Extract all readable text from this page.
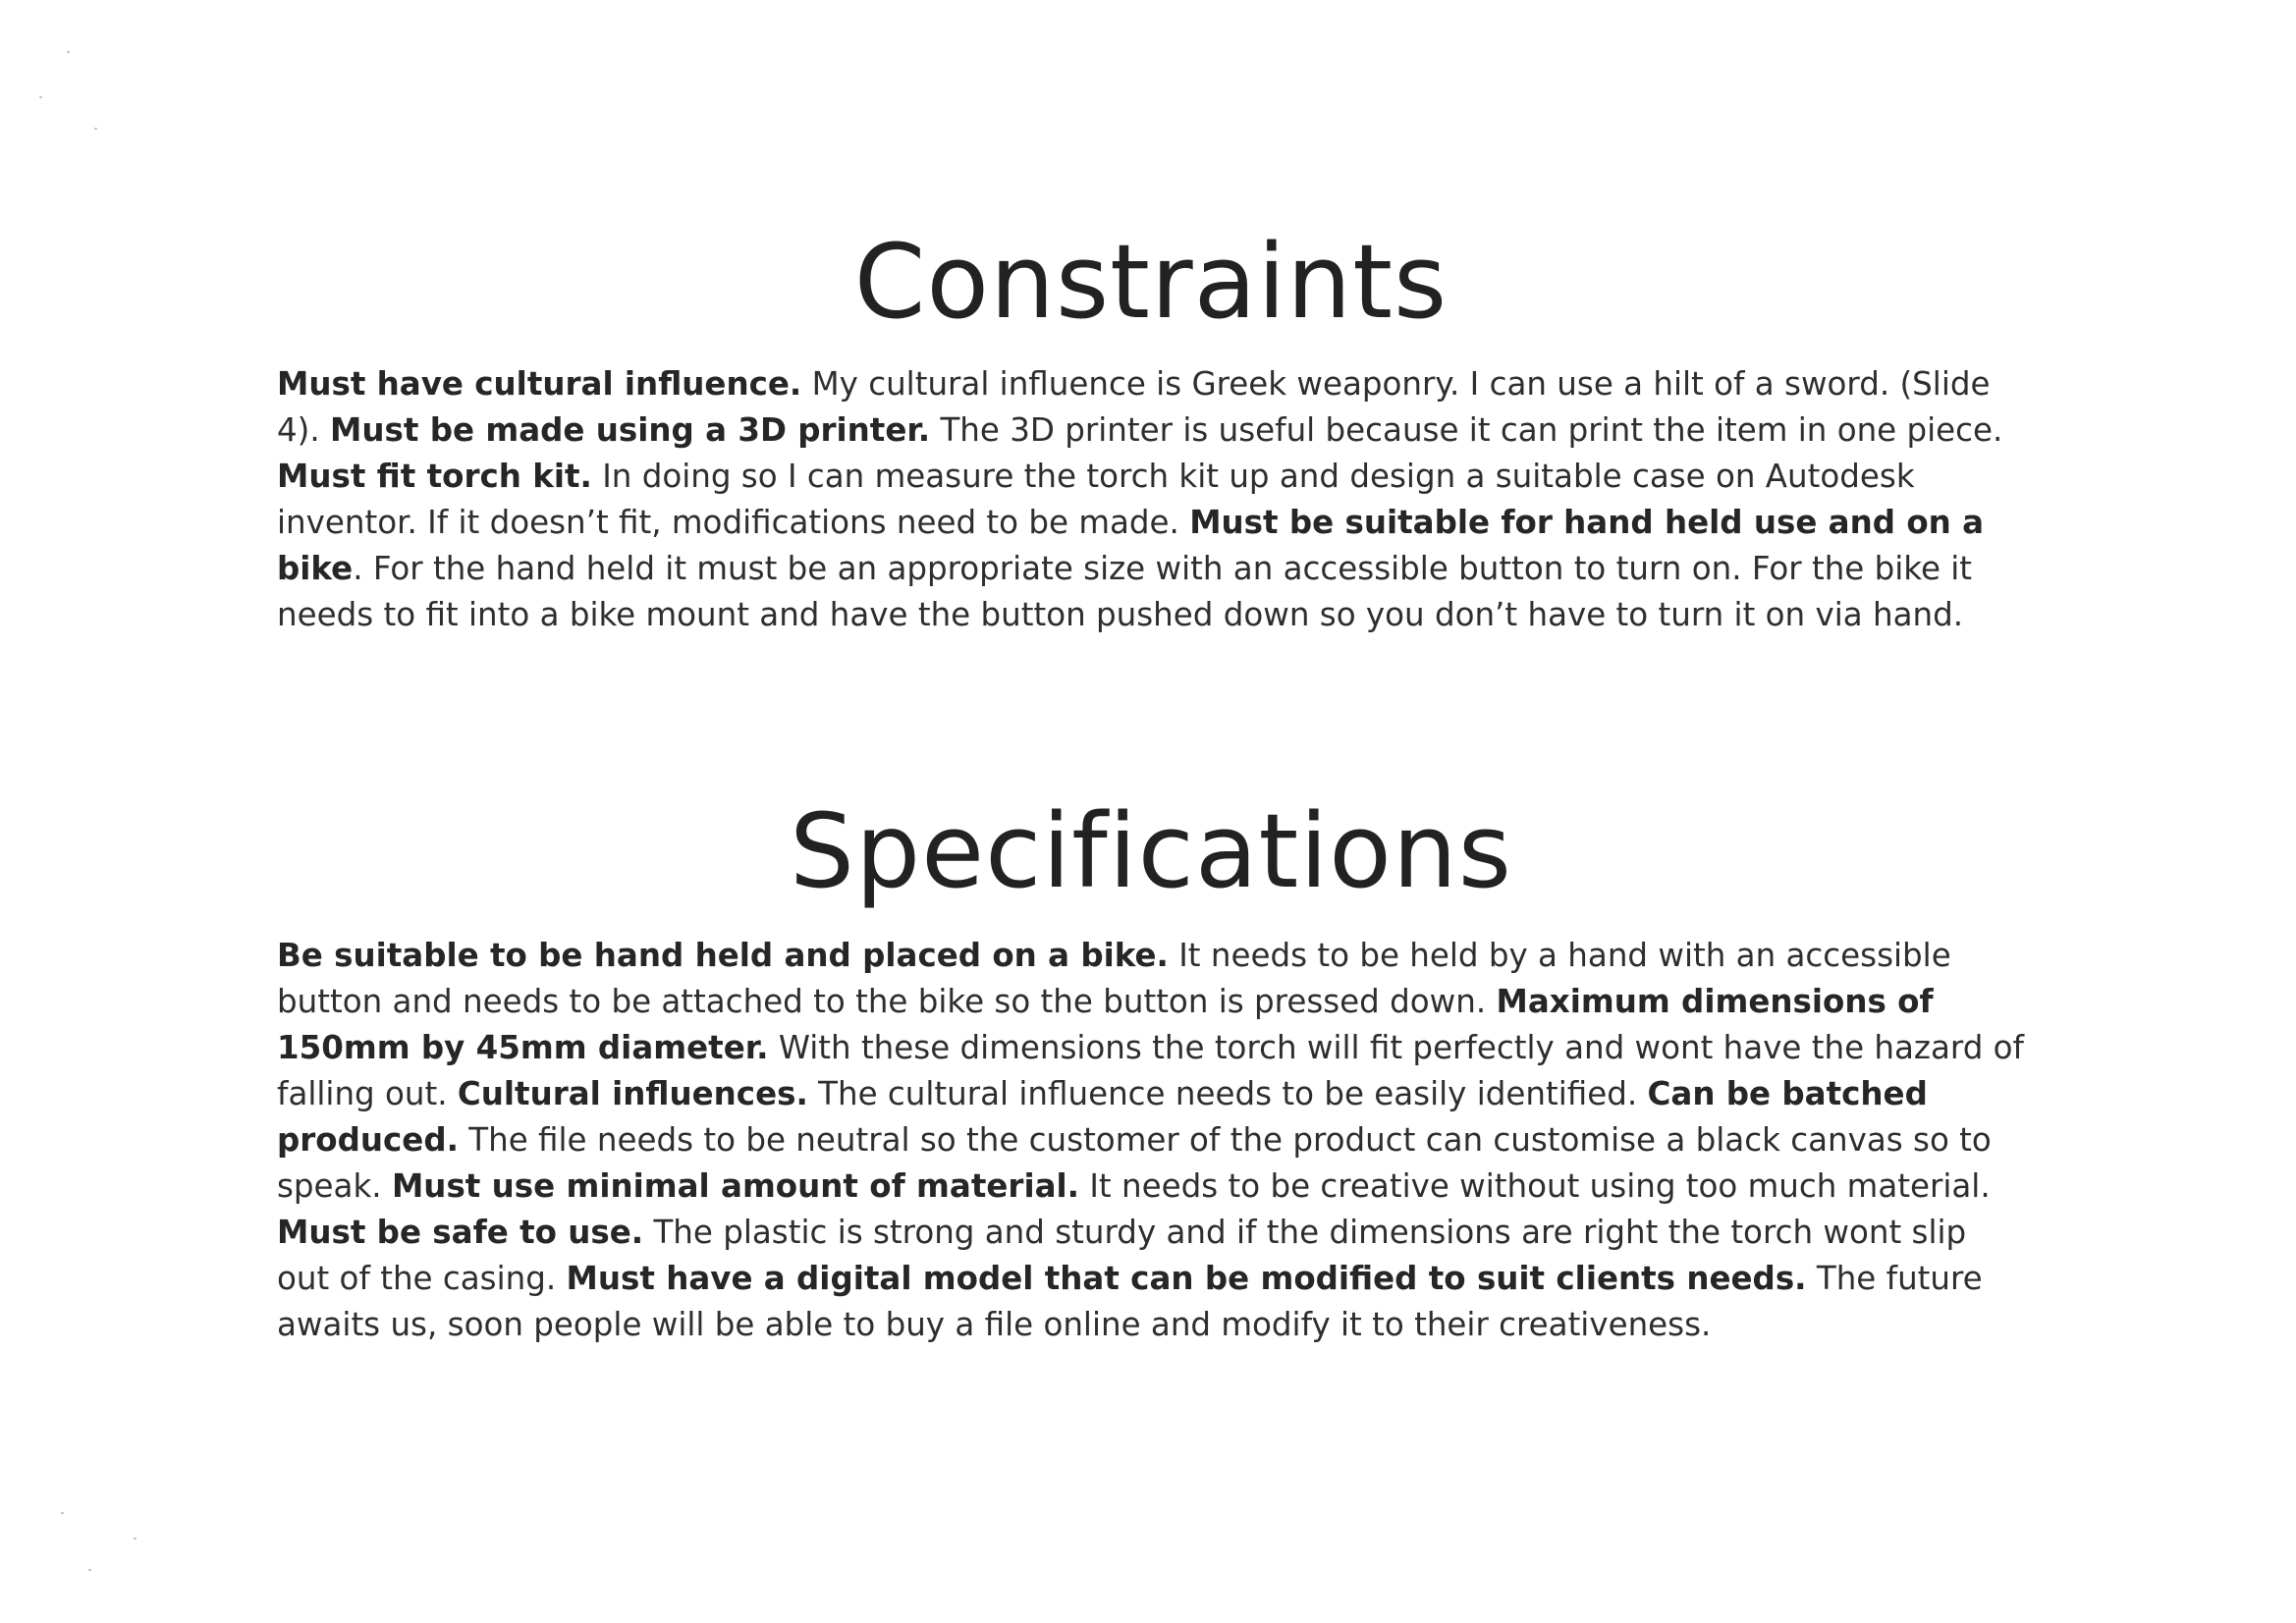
Constraints

Must have cultural influence. My cultural influence is Greek weaponry. I can use a hilt of a sword. (Slide 4). Must be made using a 3D printer. The 3D printer is useful because it can print the item in one piece. Must fit torch kit. In doing so I can measure the torch kit up and design a suitable case on Autodesk inventor. If it doesn’t fit, modifications need to be made. Must be suitable for hand held use and on a bike. For the hand held it must be an appropriate size with an accessible button to turn on. For the bike it needs to fit into a bike mount and have the button pushed down so you don’t have to turn it on via hand.

Specifications

Be suitable to be hand held and placed on a bike. It needs to be held by a hand with an accessible button and needs to be attached to the bike so the button is pressed down. Maximum dimensions of 150mm by 45mm diameter. With these dimensions the torch will fit perfectly and wont have the hazard of falling out. Cultural influences. The cultural influence needs to be easily identified. Can be batched produced. The file needs to be neutral so the customer of the product can customise a black canvas so to speak. Must use minimal amount of material. It needs to be creative without using too much material. Must be safe to use. The plastic is strong and sturdy and if the dimensions are right the torch wont slip out of the casing. Must have a digital model that can be modified to suit clients needs. The future awaits us, soon people will be able to buy a file online and modify it to their creativeness.
